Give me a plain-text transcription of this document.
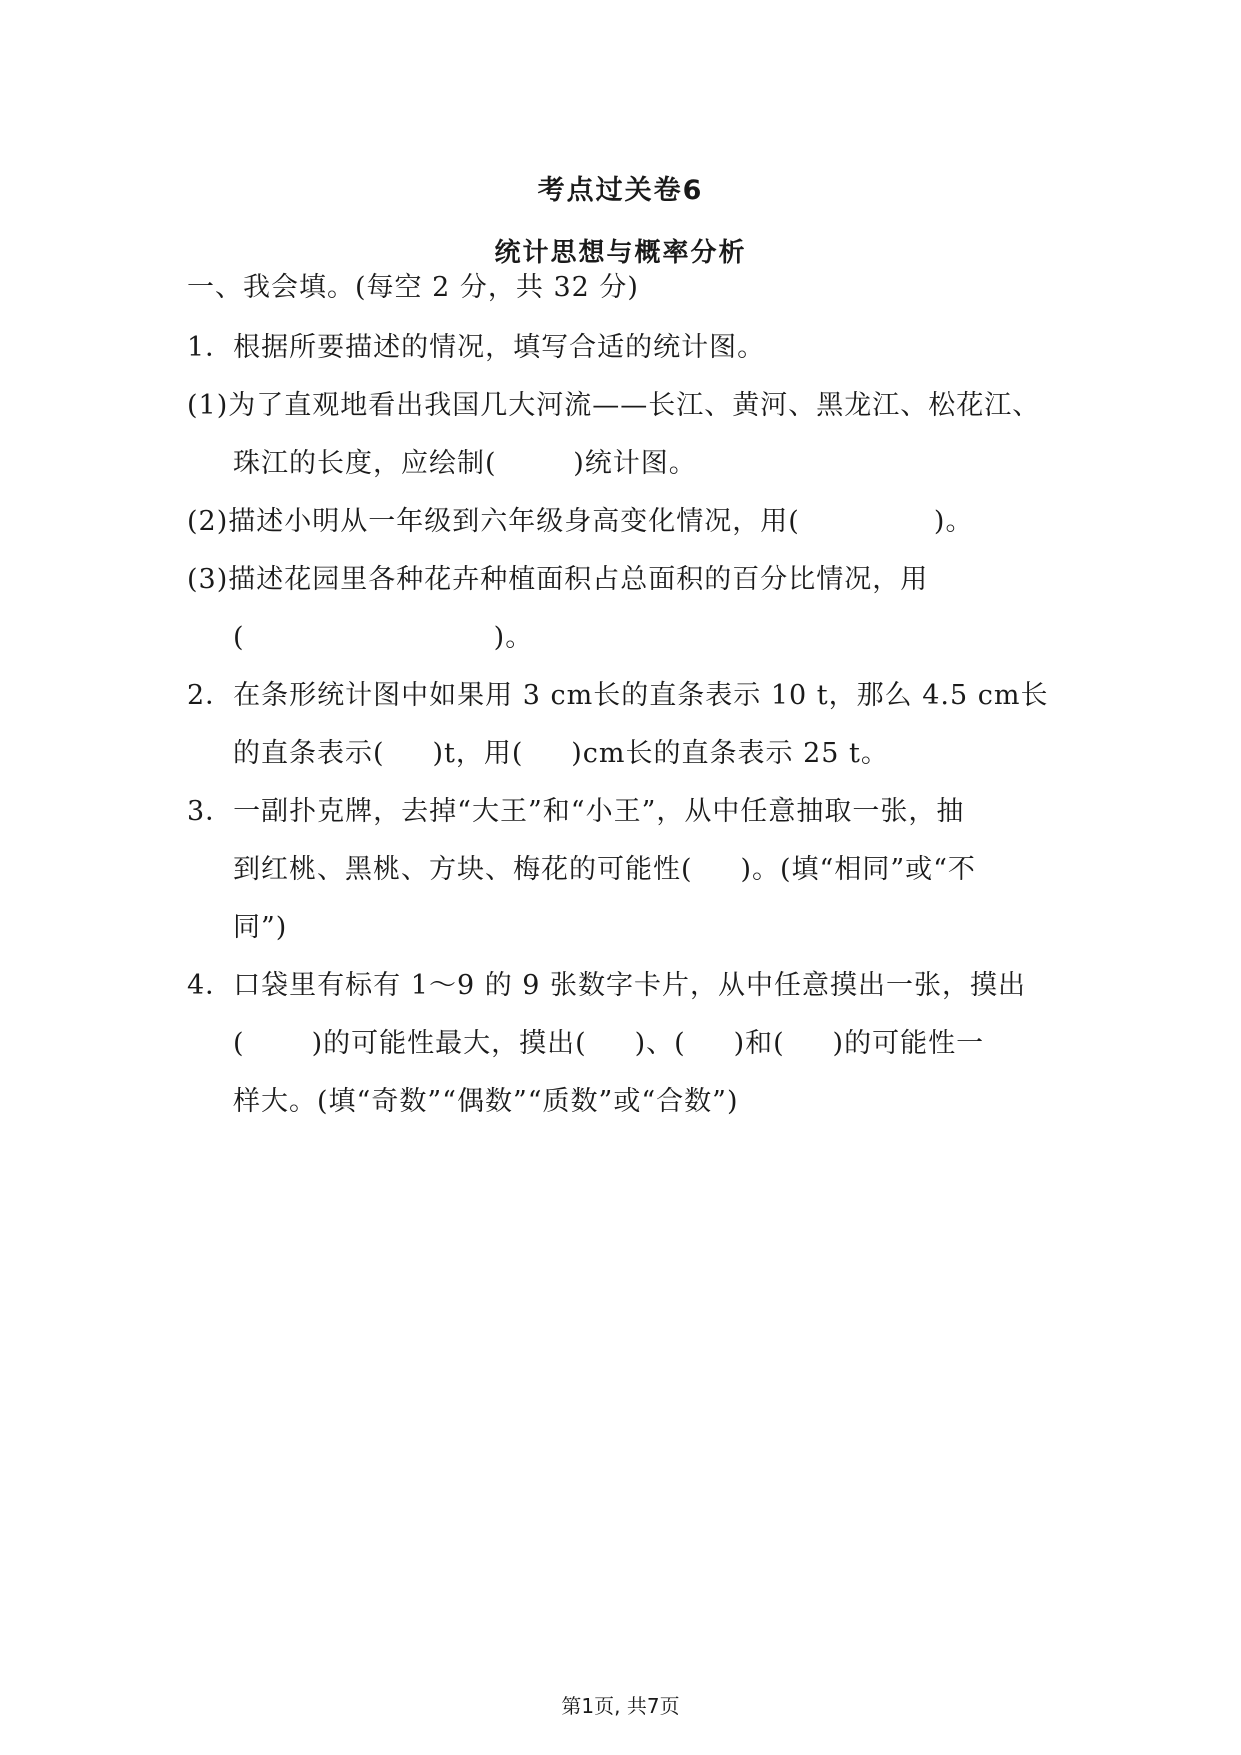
考点过关卷6
统计思想与概率分析
一、我会填。(每空 2 分，共 32 分)
1．根据所要描述的情况，填写合适的统计图。
(1)为了直观地看出我国几大河流——长江、黄河、黑龙江、松花江、
珠江的长度，应绘制(        )统计图。
(2)描述小明从一年级到六年级身高变化情况，用(              )。
(3)描述花园里各种花卉种植面积占总面积的百分比情况，用
(                          )。
2．在条形统计图中如果用 3 cm长的直条表示 10 t，那么 4.5 cm长
的直条表示(     )t，用(     )cm长的直条表示 25 t。
3．一副扑克牌，去掉“大王”和“小王”，从中任意抽取一张，抽
到红桃、黑桃、方块、梅花的可能性(     )。(填“相同”或“不
同”)
4．口袋里有标有 1～9 的 9 张数字卡片，从中任意摸出一张，摸出
(       )的可能性最大，摸出(     )、(     )和(     )的可能性一
样大。(填“奇数”“偶数”“质数”或“合数”)
第1页, 共7页
